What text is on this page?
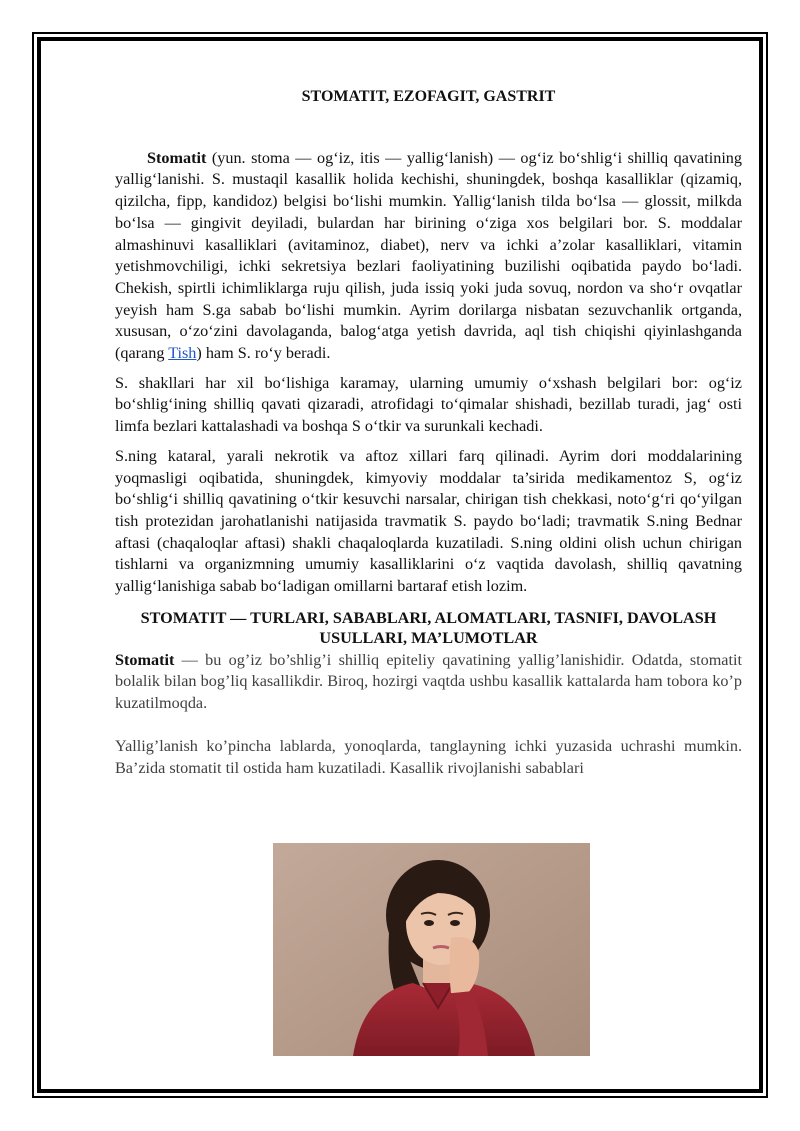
STOMATIT, EZOFAGIT, GASTRIT

Stomatit (yun. stoma — og‘iz, itis — yallig‘lanish) — og‘iz bo‘shlig‘i shilliq qavatining yallig‘lanishi. S. mustaqil kasallik holida kechishi, shuningdek, boshqa kasalliklar (qizamiq, qizilcha, fipp, kandidoz) belgisi bo‘lishi mumkin. Yallig‘lanish tilda bo‘lsa — glossit, milkda bo‘lsa — gingivit deyiladi, bulardan har birining o‘ziga xos belgilari bor. S. moddalar almashinuvi kasalliklari (avitaminoz, diabet), nerv va ichki a’zolar kasalliklari, vitamin yetishmovchiligi, ichki sekretsiya bezlari faoliyatining buzilishi oqibatida paydo bo‘ladi. Chekish, spirtli ichimliklarga ruju qilish, juda issiq yoki juda sovuq, nordon va sho‘r ovqatlar yeyish ham S.ga sabab bo‘lishi mumkin. Ayrim dorilarga nisbatan sezuvchanlik ortganda, xususan, o‘zo‘zini davolaganda, balog‘atga yetish davrida, aql tish chiqishi qiyinlashganda (qarang Tish) ham S. ro‘y beradi.

S. shakllari har xil bo‘lishiga karamay, ularning umumiy o‘xshash belgilari bor: og‘iz bo‘shlig‘ining shilliq qavati qizaradi, atrofidagi to‘qimalar shishadi, bezillab turadi, jag‘ osti limfa bezlari kattalashadi va boshqa S o‘tkir va surunkali kechadi.

S.ning kataral, yarali nekrotik va aftoz xillari farq qilinadi. Ayrim dori moddalarining yoqmasligi oqibatida, shuningdek, kimyoviy moddalar ta’sirida medikamentoz S, og‘iz bo‘shlig‘i shilliq qavatining o‘tkir kesuvchi narsalar, chirigan tish chekkasi, noto‘g‘ri qo‘yilgan tish protezidan jarohatlanishi natijasida travmatik S. paydo bo‘ladi; travmatik S.ning Bednar aftasi (chaqaloqlar aftasi) shakli chaqaloqlarda kuzatiladi. S.ning oldini olish uchun chirigan tishlarni va organizmning umumiy kasalliklarini o‘z vaqtida davolash, shilliq qavatning yallig‘lanishiga sabab bo‘ladigan omillarni bartaraf etish lozim.

STOMATIT — TURLARI, SABABLARI, ALOMATLARI, TASNIFI, DAVOLASH USULLARI, MA’LUMOTLAR

Stomatit — bu og’iz bo’shlig’i shilliq epiteliy qavatining yallig’lanishidir. Odatda, stomatit bolalik bilan bog’liq kasallikdir. Biroq, hozirgi vaqtda ushbu kasallik kattalarda ham tobora ko’p kuzatilmoqda.

Yallig’lanish ko’pincha lablarda, yonoqlarda, tanglayning ichki yuzasida uchrashi mumkin. Ba’zida stomatit til ostida ham kuzatiladi. Kasallik rivojlanishi sabablari
